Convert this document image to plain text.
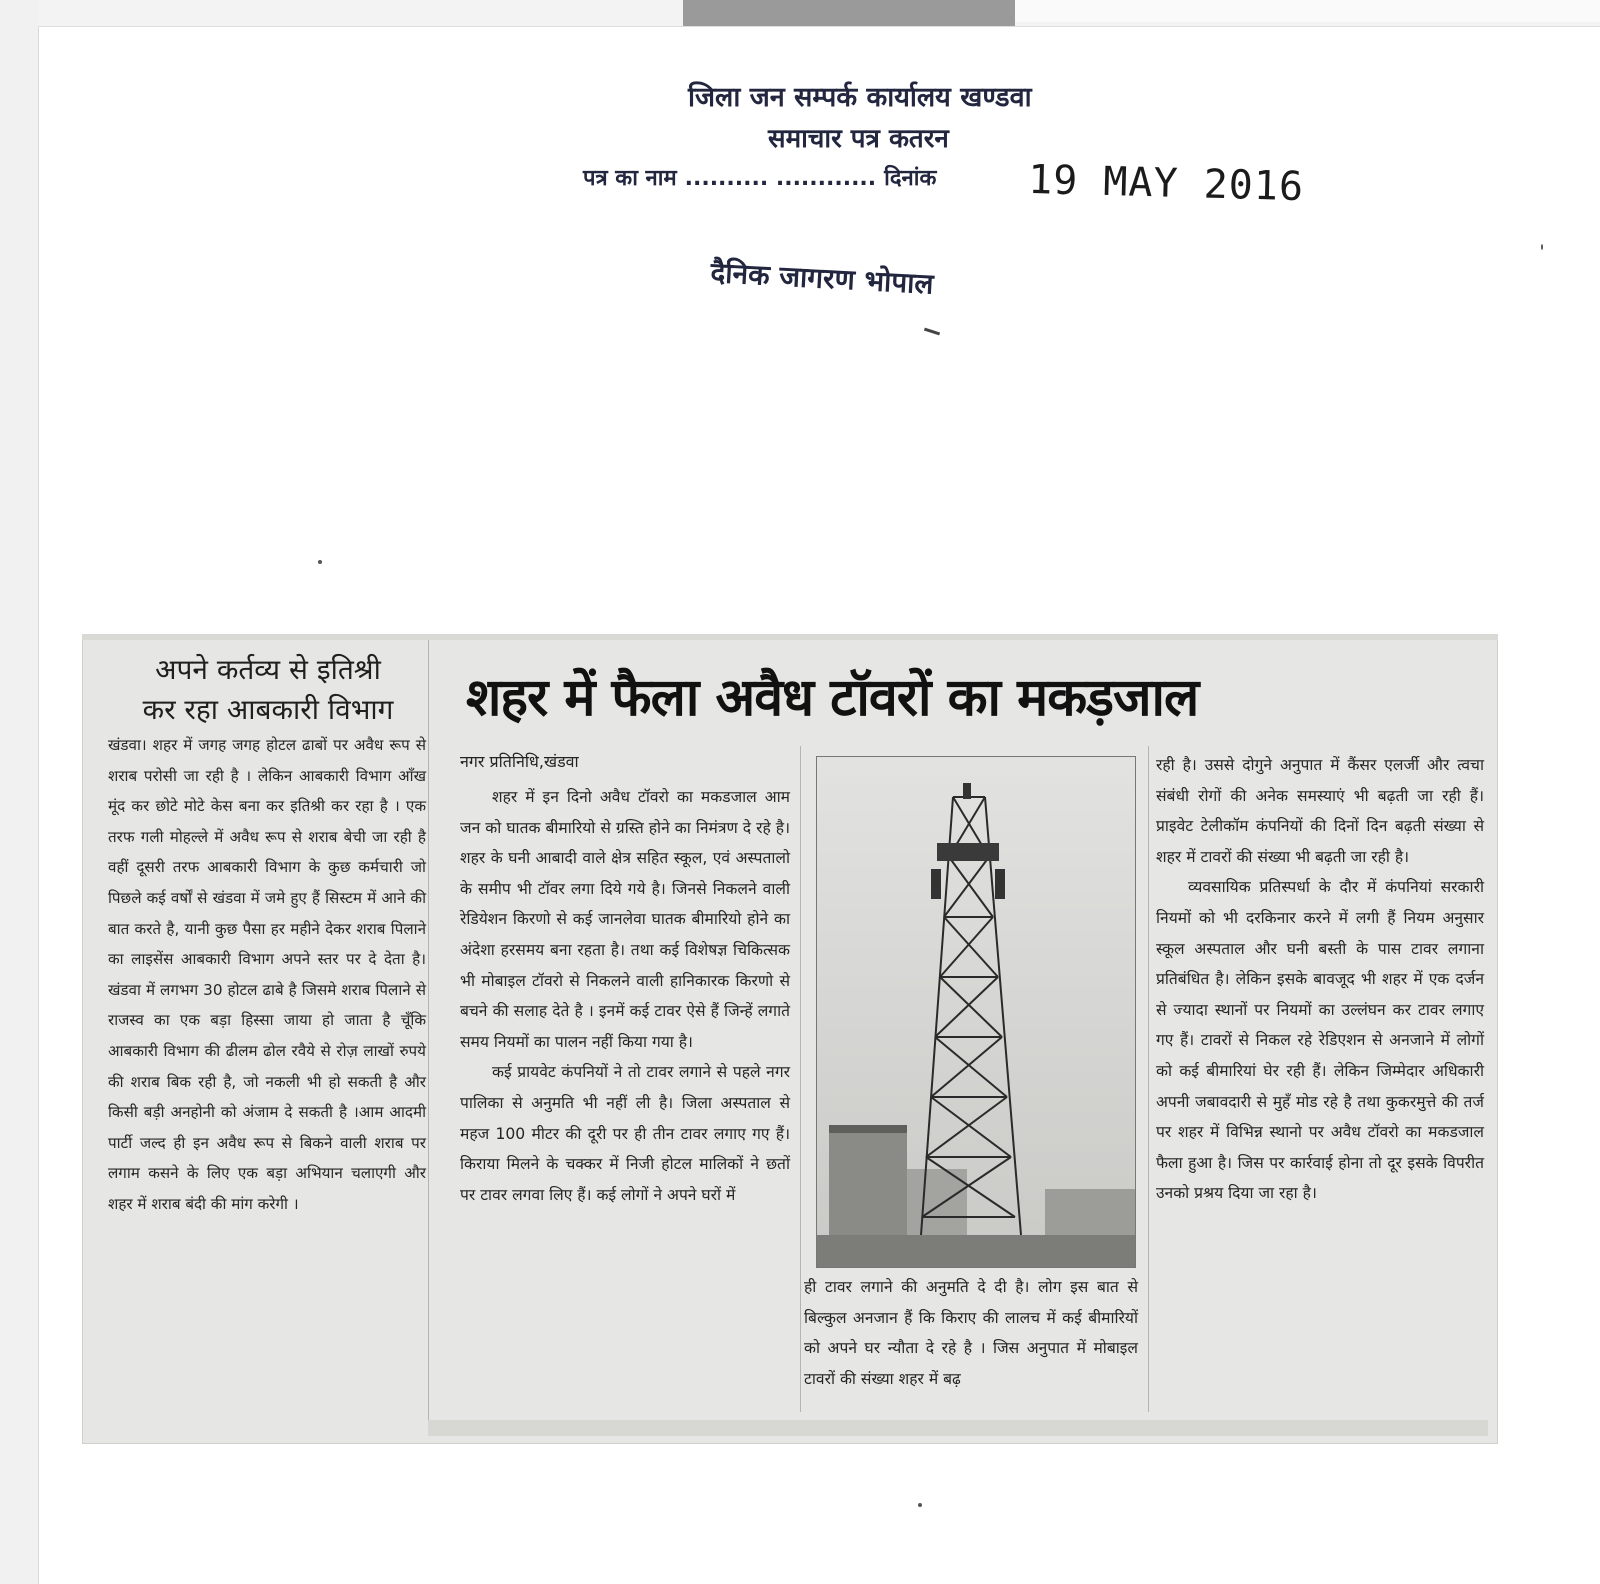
जिला जन सम्पर्क कार्यालय खण्डवा
समाचार पत्र कतरन
पत्र का नाम .......... ............ दिनांक	19 MAY 2016
दैनिक जागरण भोपाल
अपने कर्तव्य से इतिश्री
कर रहा आबकारी विभाग

खंडवा। शहर में जगह जगह होटल ढाबों पर अवैध रूप से शराब परोसी जा रही है । लेकिन आबकारी विभाग आँख मूंद कर छोटे मोटे केस बना कर इतिश्री कर रहा है । एक तरफ गली मोहल्ले में अवैध रूप से शराब बेची जा रही है वहीं दूसरी तरफ आबकारी विभाग के कुछ कर्मचारी जो पिछले कई वर्षों से खंडवा में जमे हुए हैं सिस्टम में आने की बात करते है, यानी कुछ पैसा हर महीने देकर शराब पिलाने का लाइसेंस आबकारी विभाग अपने स्तर पर दे देता है। खंडवा में लगभग 30 होटल ढाबे है जिसमे शराब पिलाने से राजस्व का एक बड़ा हिस्सा जाया हो जाता है चूँकि आबकारी विभाग की ढीलम ढोल रवैये से रोज़ लाखों रुपये की शराब बिक रही है, जो नकली भी हो सकती है और किसी बड़ी अनहोनी को अंजाम दे सकती है ।आम आदमी पार्टी जल्द ही इन अवैध रूप से बिकने वाली शराब पर लगाम कसने के लिए एक बड़ा अभियान चलाएगी और शहर में शराब बंदी की मांग करेगी ।

शहर में फैला अवैध टॉवरों का मकड़जाल
नगर प्रतिनिधि,खंडवा

शहर में इन दिनो अवैध टॉवरो का मकडजाल आम जन को घातक बीमारियो से ग्रस्ति होने का निमंत्रण दे रहे है। शहर के घनी आबादी वाले क्षेत्र सहित स्कूल, एवं अस्पतालो के समीप भी टॉवर लगा दिये गये है। जिनसे निकलने वाली रेडियेशन किरणो से कई जानलेवा घातक बीमारियो होने का अंदेशा हरसमय बना रहता है। तथा कई विशेषज्ञ चिकित्सक भी मोबाइल टॉवरो से निकलने वाली हानिकारक किरणो से बचने की सलाह देते है । इनमें कई टावर ऐसे हैं जिन्हें लगाते समय नियमों का पालन नहीं किया गया है।

कई प्रायवेट कंपनियों ने तो टावर लगाने से पहले नगर पालिका से अनुमति भी नहीं ली है। जिला अस्पताल से महज 100 मीटर की दूरी पर ही तीन टावर लगाए गए हैं। किराया मिलने के चक्कर में निजी होटल मालिकों ने छतों पर टावर लगवा लिए हैं। कई लोगों ने अपने घरों में

ही टावर लगाने की अनुमति दे दी है। लोग इस बात से बिल्कुल अनजान हैं कि किराए की लालच में कई बीमारियों को अपने घर न्यौता दे रहे है । जिस अनुपात में मोबाइल टावरों की संख्या शहर में बढ़

रही है। उससे दोगुने अनुपात में कैंसर एलर्जी और त्वचा संबंधी रोगों की अनेक समस्याएं भी बढ़ती जा रही हैं। प्राइवेट टेलीकॉम कंपनियों की दिनों दिन बढ़ती संख्या से शहर में टावरों की संख्या भी बढ़ती जा रही है।

व्यवसायिक प्रतिस्पर्धा के दौर में कंपनियां सरकारी नियमों को भी दरकिनार करने में लगी हैं नियम अनुसार स्कूल अस्पताल और घनी बस्ती के पास टावर लगाना प्रतिबंधित है। लेकिन इसके बावजूद भी शहर में एक दर्जन से ज्यादा स्थानों पर नियमों का उल्लंघन कर टावर लगाए गए हैं। टावरों से निकल रहे रेडिएशन से अनजाने में लोगों को कई बीमारियां घेर रही हैं। लेकिन जिम्मेदार अधिकारी अपनी जबावदारी से मुहँ मोड रहे है तथा कुकरमुत्ते की तर्ज पर शहर में विभिन्न स्थानो पर अवैध टॉवरो का मकडजाल फैला हुआ है। जिस पर कार्रवाई होना तो दूर इसके विपरीत उनको प्रश्रय दिया जा रहा है।
